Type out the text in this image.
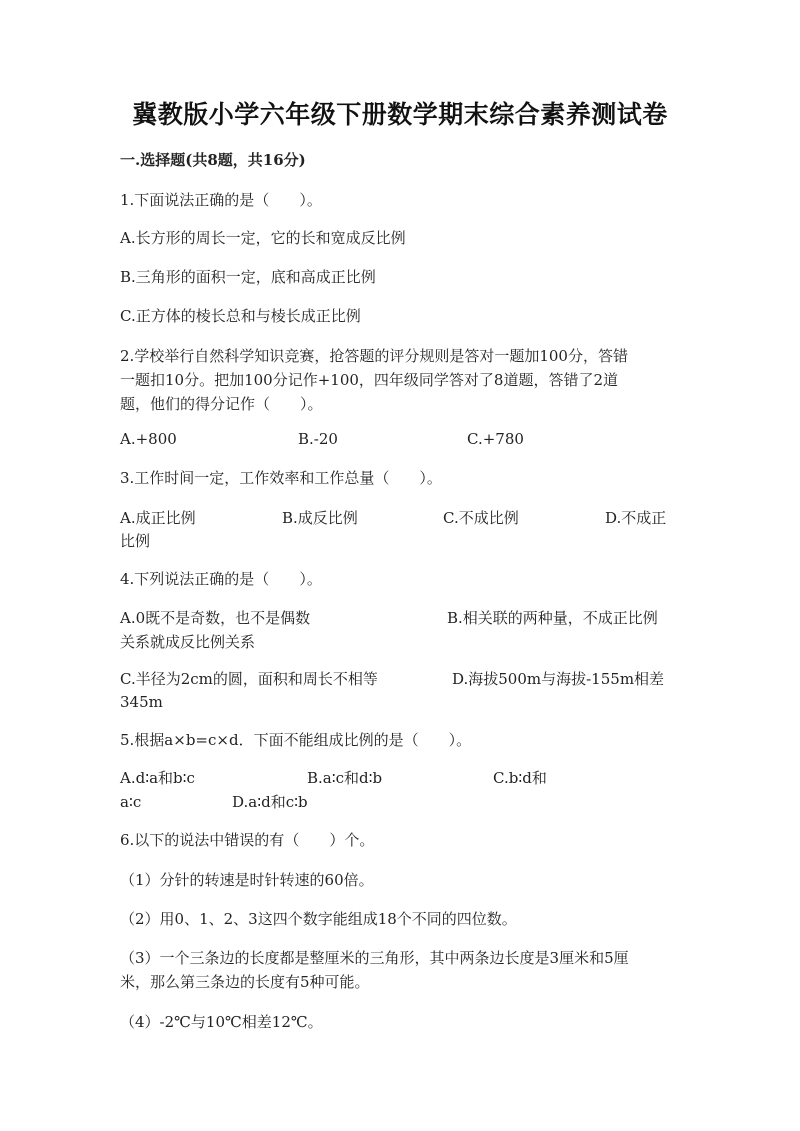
冀教版小学六年级下册数学期末综合素养测试卷
一.选择题(共8题，共16分)
1.下面说法正确的是（　　）。
A.长方形的周长一定，它的长和宽成反比例
B.三角形的面积一定，底和高成正比例
C.正方体的棱长总和与棱长成正比例
2.学校举行自然科学知识竞赛，抢答题的评分规则是答对一题加100分，答错
一题扣10分。把加100分记作+100，四年级同学答对了8道题，答错了2道
题，他们的得分记作（　　）。
A.+800	B.-20	C.+780
3.工作时间一定，工作效率和工作总量（　　）。
A.成正比例	B.成反比例	C.不成比例	D.不成正
比例
4.下列说法正确的是（　　）。
A.0既不是奇数，也不是偶数	B.相关联的两种量，不成正比例
关系就成反比例关系
C.半径为2cm的圆，面积和周长不相等	D.海拔500m与海拔-155m相差
345m
5.根据a×b=c×d．下面不能组成比例的是（　　）。
A.d∶a和b∶c	B.a∶c和d∶b	C.b∶d和
a∶c	D.a∶d和c∶b
6.以下的说法中错误的有（　　）个。
（1）分针的转速是时针转速的60倍。
（2）用0、1、2、3这四个数字能组成18个不同的四位数。
（3）一个三条边的长度都是整厘米的三角形，其中两条边长度是3厘米和5厘
米，那么第三条边的长度有5种可能。
（4）-2℃与10℃相差12℃。
